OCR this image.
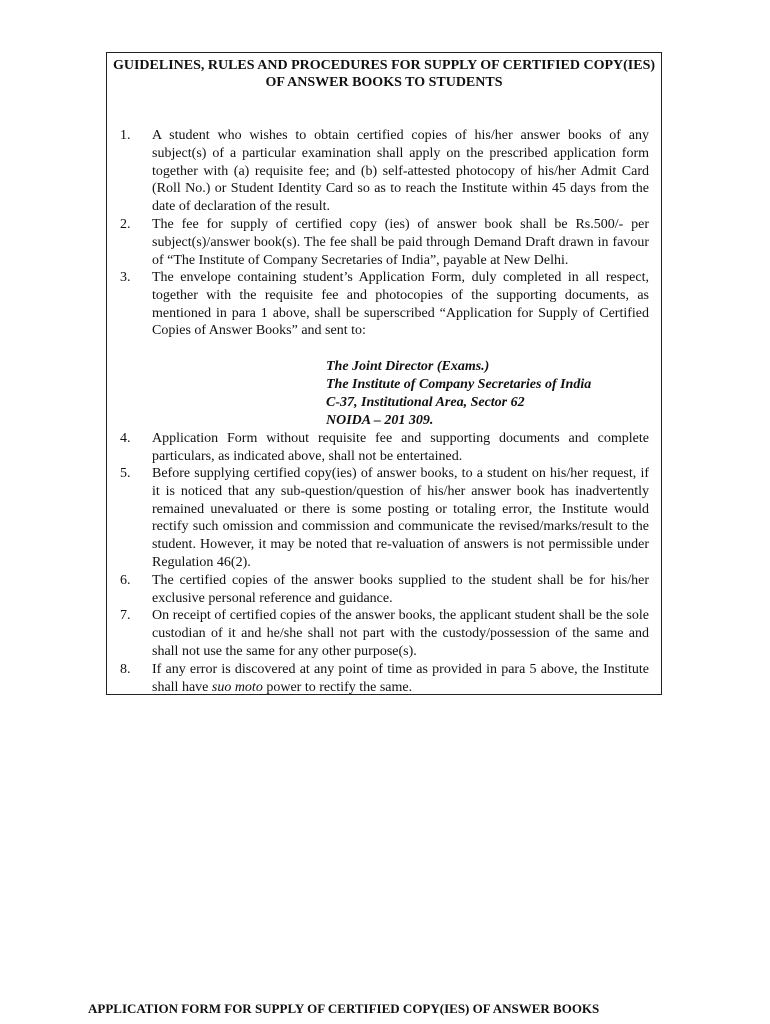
GUIDELINES, RULES AND PROCEDURES FOR SUPPLY OF CERTIFIED COPY(IES) OF ANSWER BOOKS TO STUDENTS
1. A student who wishes to obtain certified copies of his/her answer books of any subject(s) of a particular examination shall apply on the prescribed application form together with (a) requisite fee; and (b) self-attested photocopy of his/her Admit Card (Roll No.) or Student Identity Card so as to reach the Institute within 45 days from the date of declaration of the result.
2. The fee for supply of certified copy (ies) of answer book shall be Rs.500/- per subject(s)/answer book(s). The fee shall be paid through Demand Draft drawn in favour of “The Institute of Company Secretaries of India”, payable at New Delhi.
3. The envelope containing student’s Application Form, duly completed in all respect, together with the requisite fee and photocopies of the supporting documents, as mentioned in para 1 above, shall be superscribed “Application for Supply of Certified Copies of Answer Books” and sent to:
The Joint Director (Exams.)
The Institute of Company Secretaries of India
C-37, Institutional Area, Sector 62
NOIDA – 201 309.
4. Application Form without requisite fee and supporting documents and complete particulars, as indicated above, shall not be entertained.
5. Before supplying certified copy(ies) of answer books, to a student on his/her request, if it is noticed that any sub-question/question of his/her answer book has inadvertently remained unevaluated or there is some posting or totaling error, the Institute would rectify such omission and commission and communicate the revised/marks/result to the student. However, it may be noted that re-valuation of answers is not permissible under Regulation 46(2).
6. The certified copies of the answer books supplied to the student shall be for his/her exclusive personal reference and guidance.
7. On receipt of certified copies of the answer books, the applicant student shall be the sole custodian of it and he/she shall not part with the custody/possession of the same and shall not use the same for any other purpose(s).
8. If any error is discovered at any point of time as provided in para 5 above, the Institute shall have suo moto power to rectify the same.
APPLICATION FORM FOR SUPPLY OF CERTIFIED COPY(IES) OF ANSWER BOOKS
